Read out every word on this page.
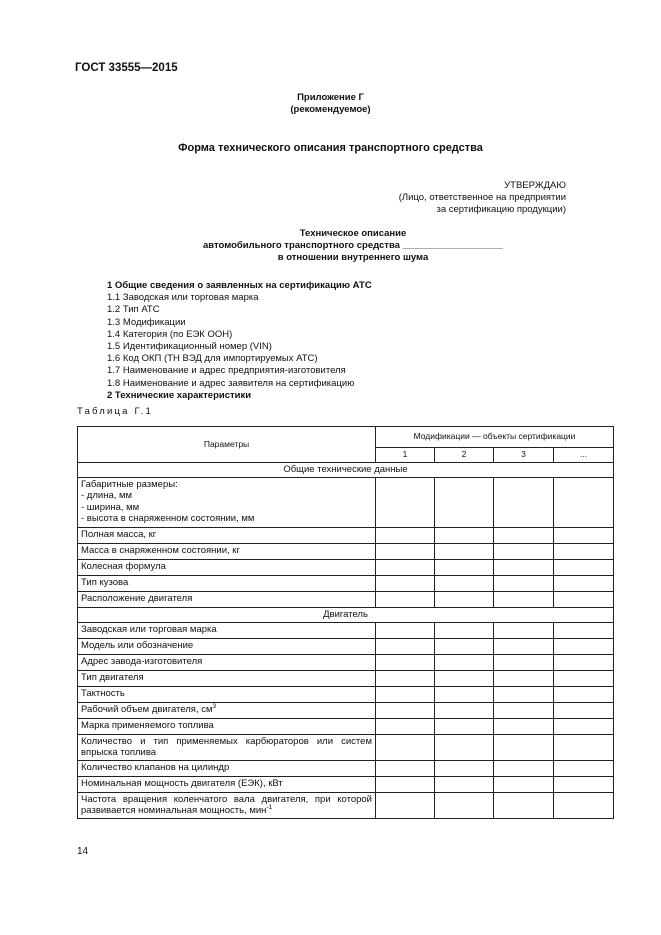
ГОСТ 33555—2015
Приложение Г
(рекомендуемое)
Форма технического описания транспортного средства
УТВЕРЖДАЮ
(Лицо, ответственное на предприятии
за сертификацию продукции)
Техническое описание
автомобильного транспортного средства ___________________
в отношении внутреннего шума
1 Общие сведения о заявленных на сертификацию АТС
1.1 Заводская или торговая марка
1.2 Тип АТС
1.3 Модификации
1.4 Категория (по ЕЭК ООН)
1.5 Идентификационный номер (VIN)
1.6 Код ОКП (ТН ВЭД для импортируемых АТС)
1.7 Наименование и адрес предприятия-изготовителя
1.8 Наименование и адрес заявителя на сертификацию
2 Технические характеристики
Таблица Г.1
Параметры	Модификации — объекты сертификации			
	1	2	3	...
Общие технические данные				

Габаритные размеры:
- длина, мм
- ширина, мм
- высота в снаряженном состоянии, мм				

Полная масса, кг				

Масса в снаряженном состоянии, кг				

Колесная формула				

Тип кузова				

Расположение двигателя				

Двигатель				

Заводская или торговая марка				

Модель или обозначение				

Адрес завода-изготовителя				

Тип двигателя				

Тактность				

Рабочий объем двигателя, $см^3$

Марка применяемого топлива				

Количество и тип применяемых карбюраторов или систем впрыска топлива				

Количество клапанов на цилиндр				

Номинальная мощность двигателя (ЕЭК), кВт				

Частота вращения коленчатого вала двигателя, при которой развивается номинальная мощность, мин$^{-1}$

14
